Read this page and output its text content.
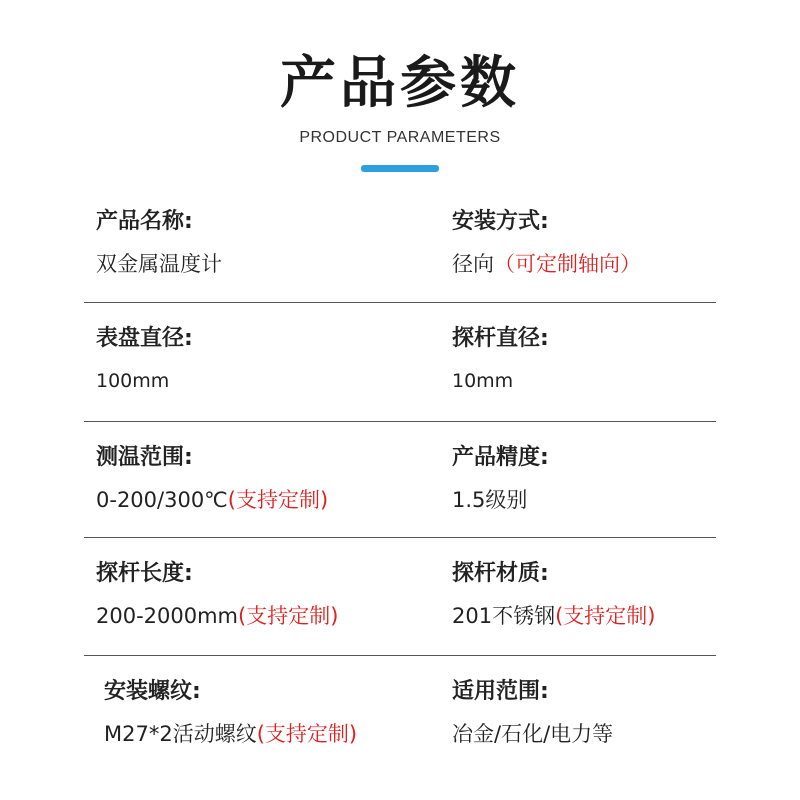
产品参数
PRODUCT PARAMETERS
产品名称:
双金属温度计
安装方式:
径向（可定制轴向）
表盘直径:
100mm
探杆直径:
10mm
测温范围:
0-200/300℃(支持定制)
产品精度:
1.5级别
探杆长度:
200-2000mm(支持定制)
探杆材质:
201不锈钢(支持定制)
安装螺纹:
M27*2活动螺纹(支持定制)
适用范围:
冶金/石化/电力等
